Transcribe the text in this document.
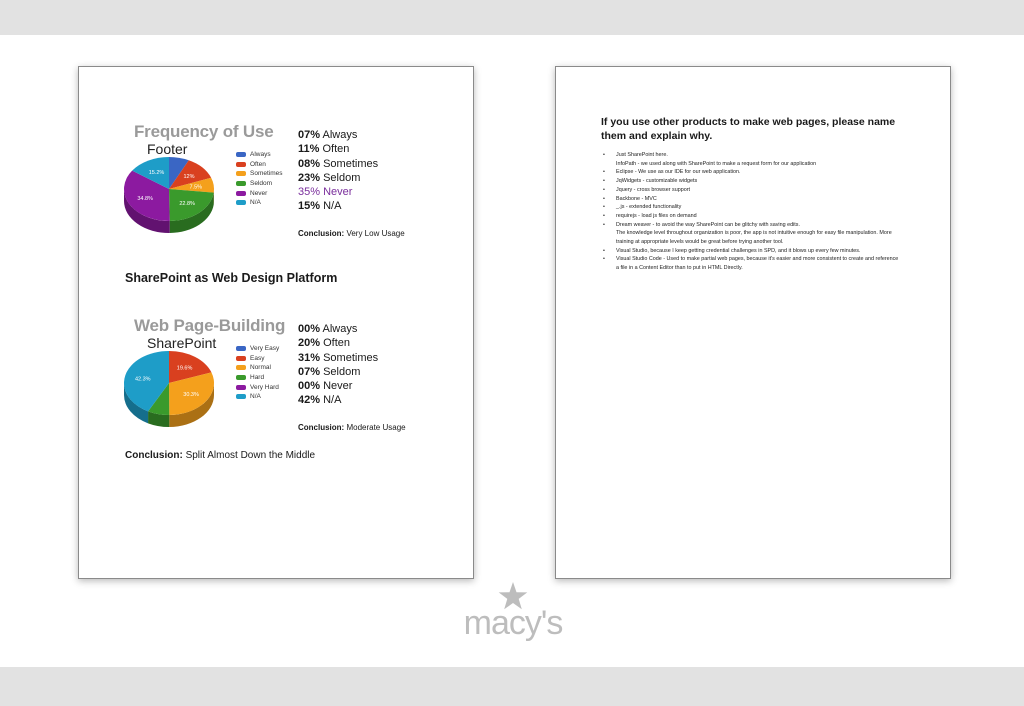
Frequency of Use
Footer
12%
7.5%
22.8%
34.8%
15.2%
Always
Often
Sometimes
Seldom
Never
N/A
07% Always
11% Often
08% Sometimes
23% Seldom
35% Never
15% N/A
Conclusion: Very Low Usage
SharePoint as Web Design Platform
Web Page-Building
SharePoint
19.6%
30.3%
42.3%
Very Easy
Easy
Normal
Hard
Very Hard
N/A
00% Always
20% Often
31% Sometimes
07% Seldom
00% Never
42% N/A
Conclusion: Moderate Usage
Conclusion: Split Almost Down the Middle
If you use other products to make web pages, please name them and explain why.
• Just SharePoint here.
InfoPath - we used along with SharePoint to make a request form for our application
• Eclipse - We use as our IDE for our web application.
• JqWidgets - customizable widgets
• Jquery - cross browser support
• Backbone - MVC
• _.js - extended functionality
• requirejs - load js files on demand
• Dream weaver - to avoid the way SharePoint can be glitchy with saving edits.
The knowledge level throughout organization is poor, the app is not intuitive enough for easy file manipulation. More training at appropriate levels would be great before trying another tool.
• Visual Studio, because I keep getting credential challenges in SPD, and it blows up every few minutes.
• Visual Studio Code - Used to make partial web pages, because it's easier and more consistent to create and reference a file in a Content Editor than to put in HTML Directly.
macy's
